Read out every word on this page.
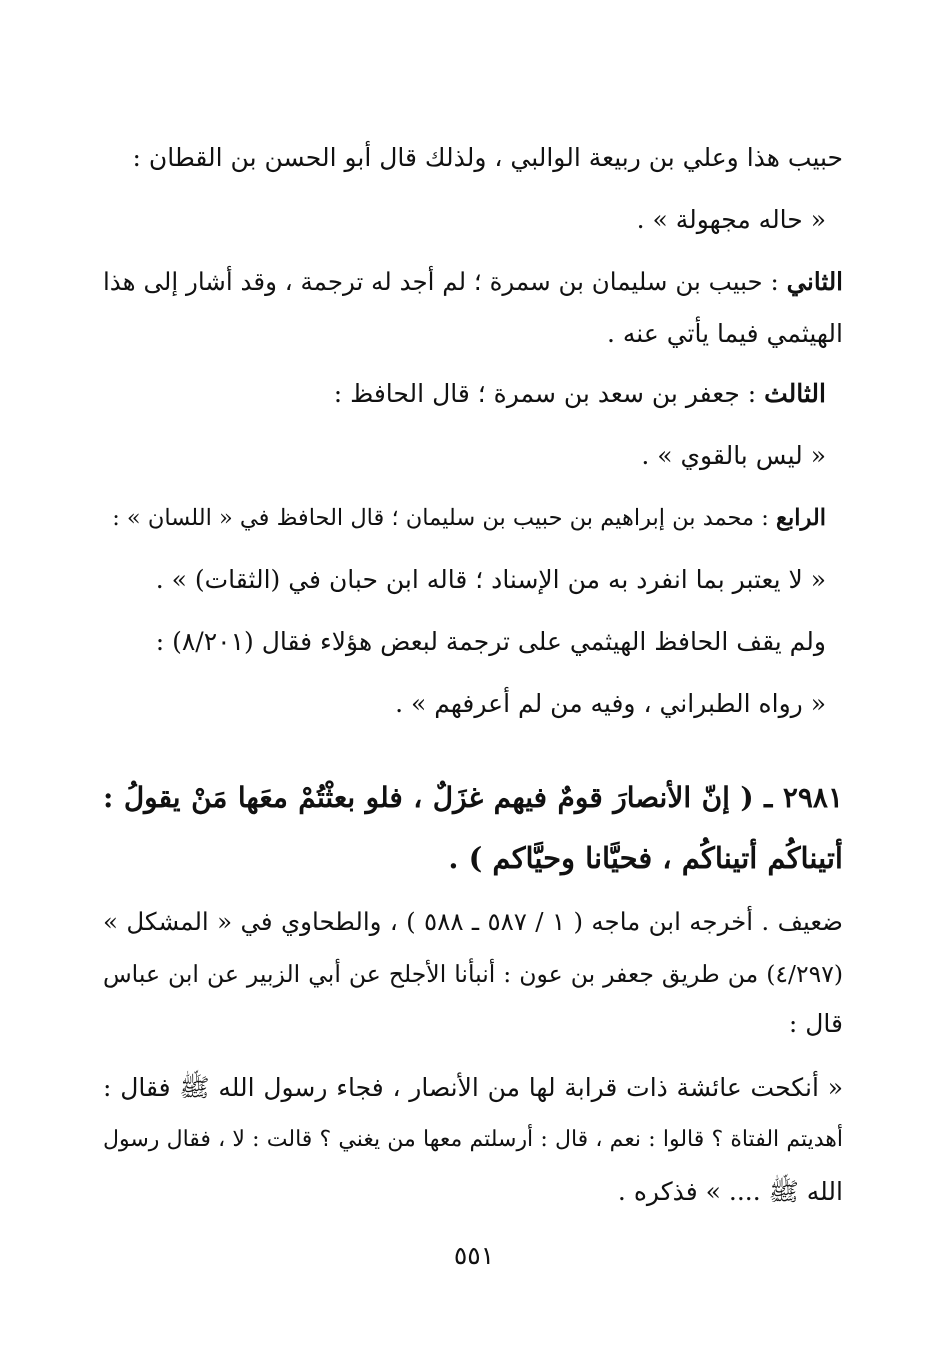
حبيب هذا وعلي بن ربيعة الوالبي ، ولذلك قال أبو الحسن بن القطان :
« حاله مجهولة » .
الثاني : حبيب بن سليمان بن سمرة ؛ لم أجد له ترجمة ، وقد أشار إلى هذا
الهيثمي فيما يأتي عنه .
الثالث : جعفر بن سعد بن سمرة ؛ قال الحافظ :
« ليس بالقوي » .
الرابع : محمد بن إبراهيم بن حبيب بن سليمان ؛ قال الحافظ في « اللسان » :
« لا يعتبر بما انفرد به من الإسناد ؛ قاله ابن حبان في (الثقات) » .
ولم يقف الحافظ الهيثمي على ترجمة لبعض هؤلاء فقال (٨/٢٠١) :
« رواه الطبراني ، وفيه من لم أعرفهم » .
٢٩٨١ ـ ( إنّ الأنصارَ قومٌ فيهم غزَلٌ ، فلو بعثْتُمْ معَها مَنْ يقولُ :
أتيناكُم أتيناكُم ، فحيَّانا وحيَّاكم ) .
ضعيف . أخرجه ابن ماجه ( ١ / ٥٨٧ ـ ٥٨٨ ) ، والطحاوي في « المشكل »
(٤/٢٩٧) من طريق جعفر بن عون : أنبأنا الأجلح عن أبي الزبير عن ابن عباس
قال :
« أنكحت عائشة ذات قرابة لها من الأنصار ، فجاء رسول الله ﷺ فقال :
أهديتم الفتاة ؟ قالوا : نعم ، قال : أرسلتم معها من يغني ؟ قالت : لا ، فقال رسول
الله ﷺ .... » فذكره .
٥٥١
